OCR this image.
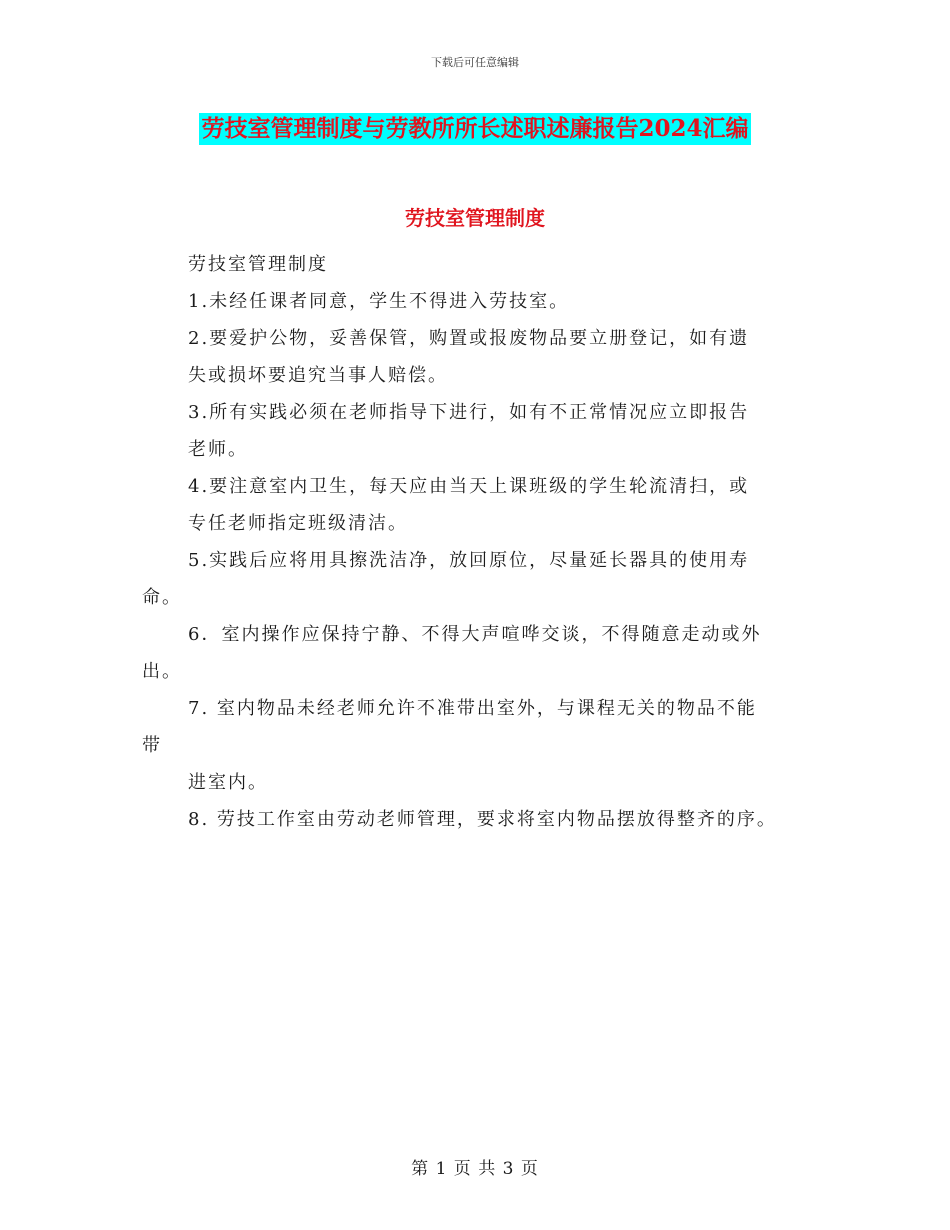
下载后可任意编辑
劳技室管理制度与劳教所所长述职述廉报告2024汇编
劳技室管理制度
劳技室管理制度
1.未经任课者同意，学生不得进入劳技室。
2.要爱护公物，妥善保管，购置或报废物品要立册登记，如有遗
失或损坏要追究当事人赔偿。
3.所有实践必须在老师指导下进行，如有不正常情况应立即报告
老师。
4.要注意室内卫生，每天应由当天上课班级的学生轮流清扫，或
专任老师指定班级清洁。
5.实践后应将用具擦洗洁净，放回原位，尽量延长器具的使用寿
命。
6．室内操作应保持宁静、不得大声喧哗交谈，不得随意走动或外
出。
7. 室内物品未经老师允许不准带出室外，与课程无关的物品不能
带
进室内。
8. 劳技工作室由劳动老师管理，要求将室内物品摆放得整齐的序。
第 1 页 共 3 页
